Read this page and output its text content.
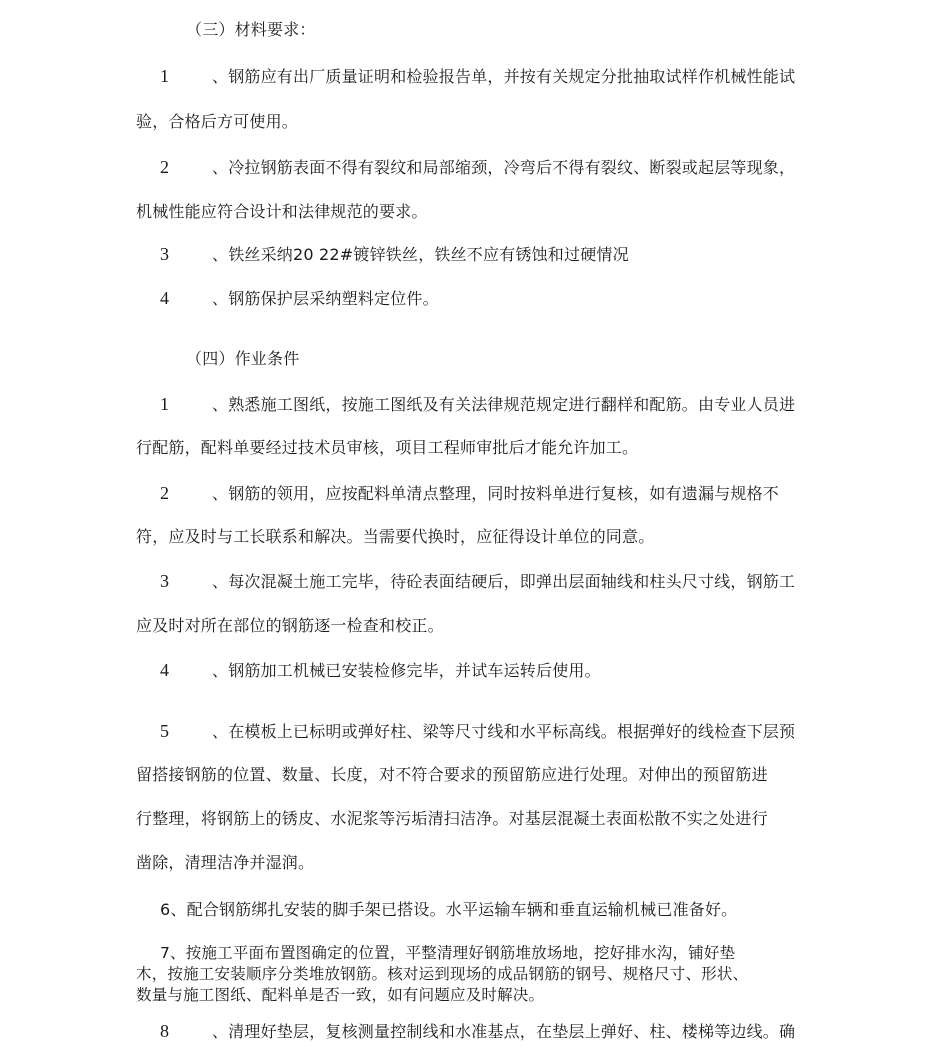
（三）材料要求：
1	、钢筋应有出厂质量证明和检验报告单，并按有关规定分批抽取试样作机械性能试
验，合格后方可使用。
2	、冷拉钢筋表面不得有裂纹和局部缩颈，冷弯后不得有裂纹、断裂或起层等现象，
机械性能应符合设计和法律规范的要求。
3	、铁丝采纳20 22#镀锌铁丝，铁丝不应有锈蚀和过硬情况
4	、钢筋保护层采纳塑料定位件。
（四）作业条件
1	、熟悉施工图纸，按施工图纸及有关法律规范规定进行翻样和配筋。由专业人员进
行配筋，配料单要经过技术员审核，项目工程师审批后才能允许加工。
2	、钢筋的领用，应按配料单清点整理，同时按料单进行复核，如有遗漏与规格不
符，应及时与工长联系和解决。当需要代换时，应征得设计单位的同意。
3	、每次混凝土施工完毕，待砼表面结硬后，即弹出层面轴线和柱头尺寸线，钢筋工
应及时对所在部位的钢筋逐一检查和校正。
4	、钢筋加工机械已安装检修完毕，并试车运转后使用。
5	、在模板上已标明或弹好柱、梁等尺寸线和水平标高线。根据弹好的线检查下层预
留搭接钢筋的位置、数量、长度，对不符合要求的预留筋应进行处理。对伸出的预留筋进
行整理，将钢筋上的锈皮、水泥浆等污垢清扫洁净。对基层混凝土表面松散不实之处进行
凿除，清理洁净并湿润。
6、配合钢筋绑扎安装的脚手架已搭设。水平运输车辆和垂直运输机械已准备好。
7、按施工平面布置图确定的位置，平整清理好钢筋堆放场地，挖好排水沟，铺好垫
木，按施工安装顺序分类堆放钢筋。核对运到现场的成品钢筋的钢号、规格尺寸、形状、
数量与施工图纸、配料单是否一致，如有问题应及时解决。
8	、清理好垫层，复核测量控制线和水准基点，在垫层上弹好、柱、楼梯等边线。确
